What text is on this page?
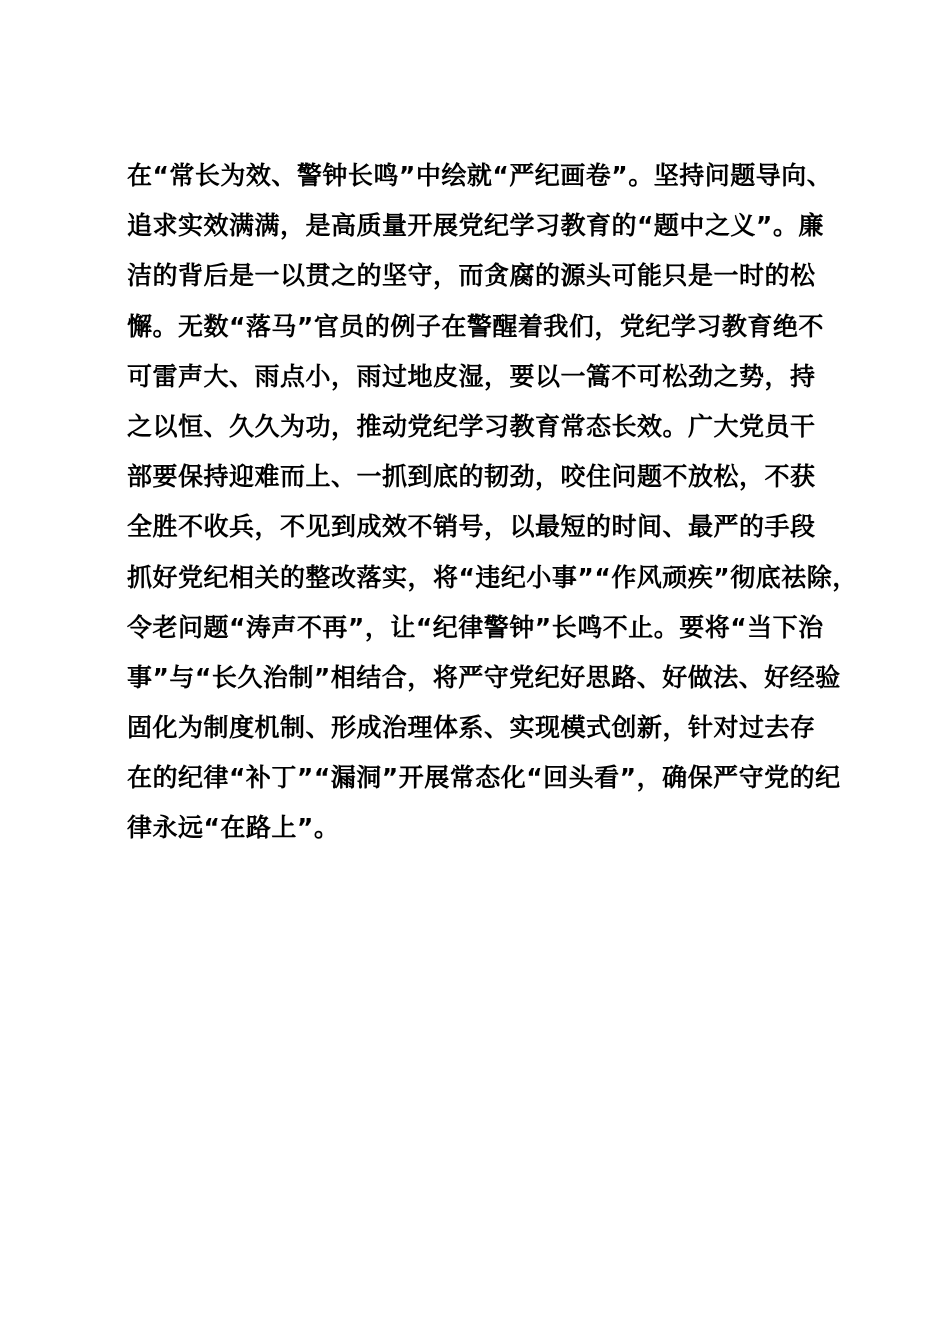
在“常长为效、警钟长鸣”中绘就“严纪画卷”。坚持问题导向、
追求实效满满，是高质量开展党纪学习教育的“题中之义”。廉
洁的背后是一以贯之的坚守，而贪腐的源头可能只是一时的松
懈。无数“落马”官员的例子在警醒着我们，党纪学习教育绝不
可雷声大、雨点小，雨过地皮湿，要以一篙不可松劲之势，持
之以恒、久久为功，推动党纪学习教育常态长效。广大党员干
部要保持迎难而上、一抓到底的韧劲，咬住问题不放松，不获
全胜不收兵，不见到成效不销号，以最短的时间、最严的手段
抓好党纪相关的整改落实，将“违纪小事”“作风顽疾”彻底祛除，
令老问题“涛声不再”，让“纪律警钟”长鸣不止。要将“当下治
事”与“长久治制”相结合，将严守党纪好思路、好做法、好经验
固化为制度机制、形成治理体系、实现模式创新，针对过去存
在的纪律“补丁”“漏洞”开展常态化“回头看”，确保严守党的纪
律永远“在路上”。
